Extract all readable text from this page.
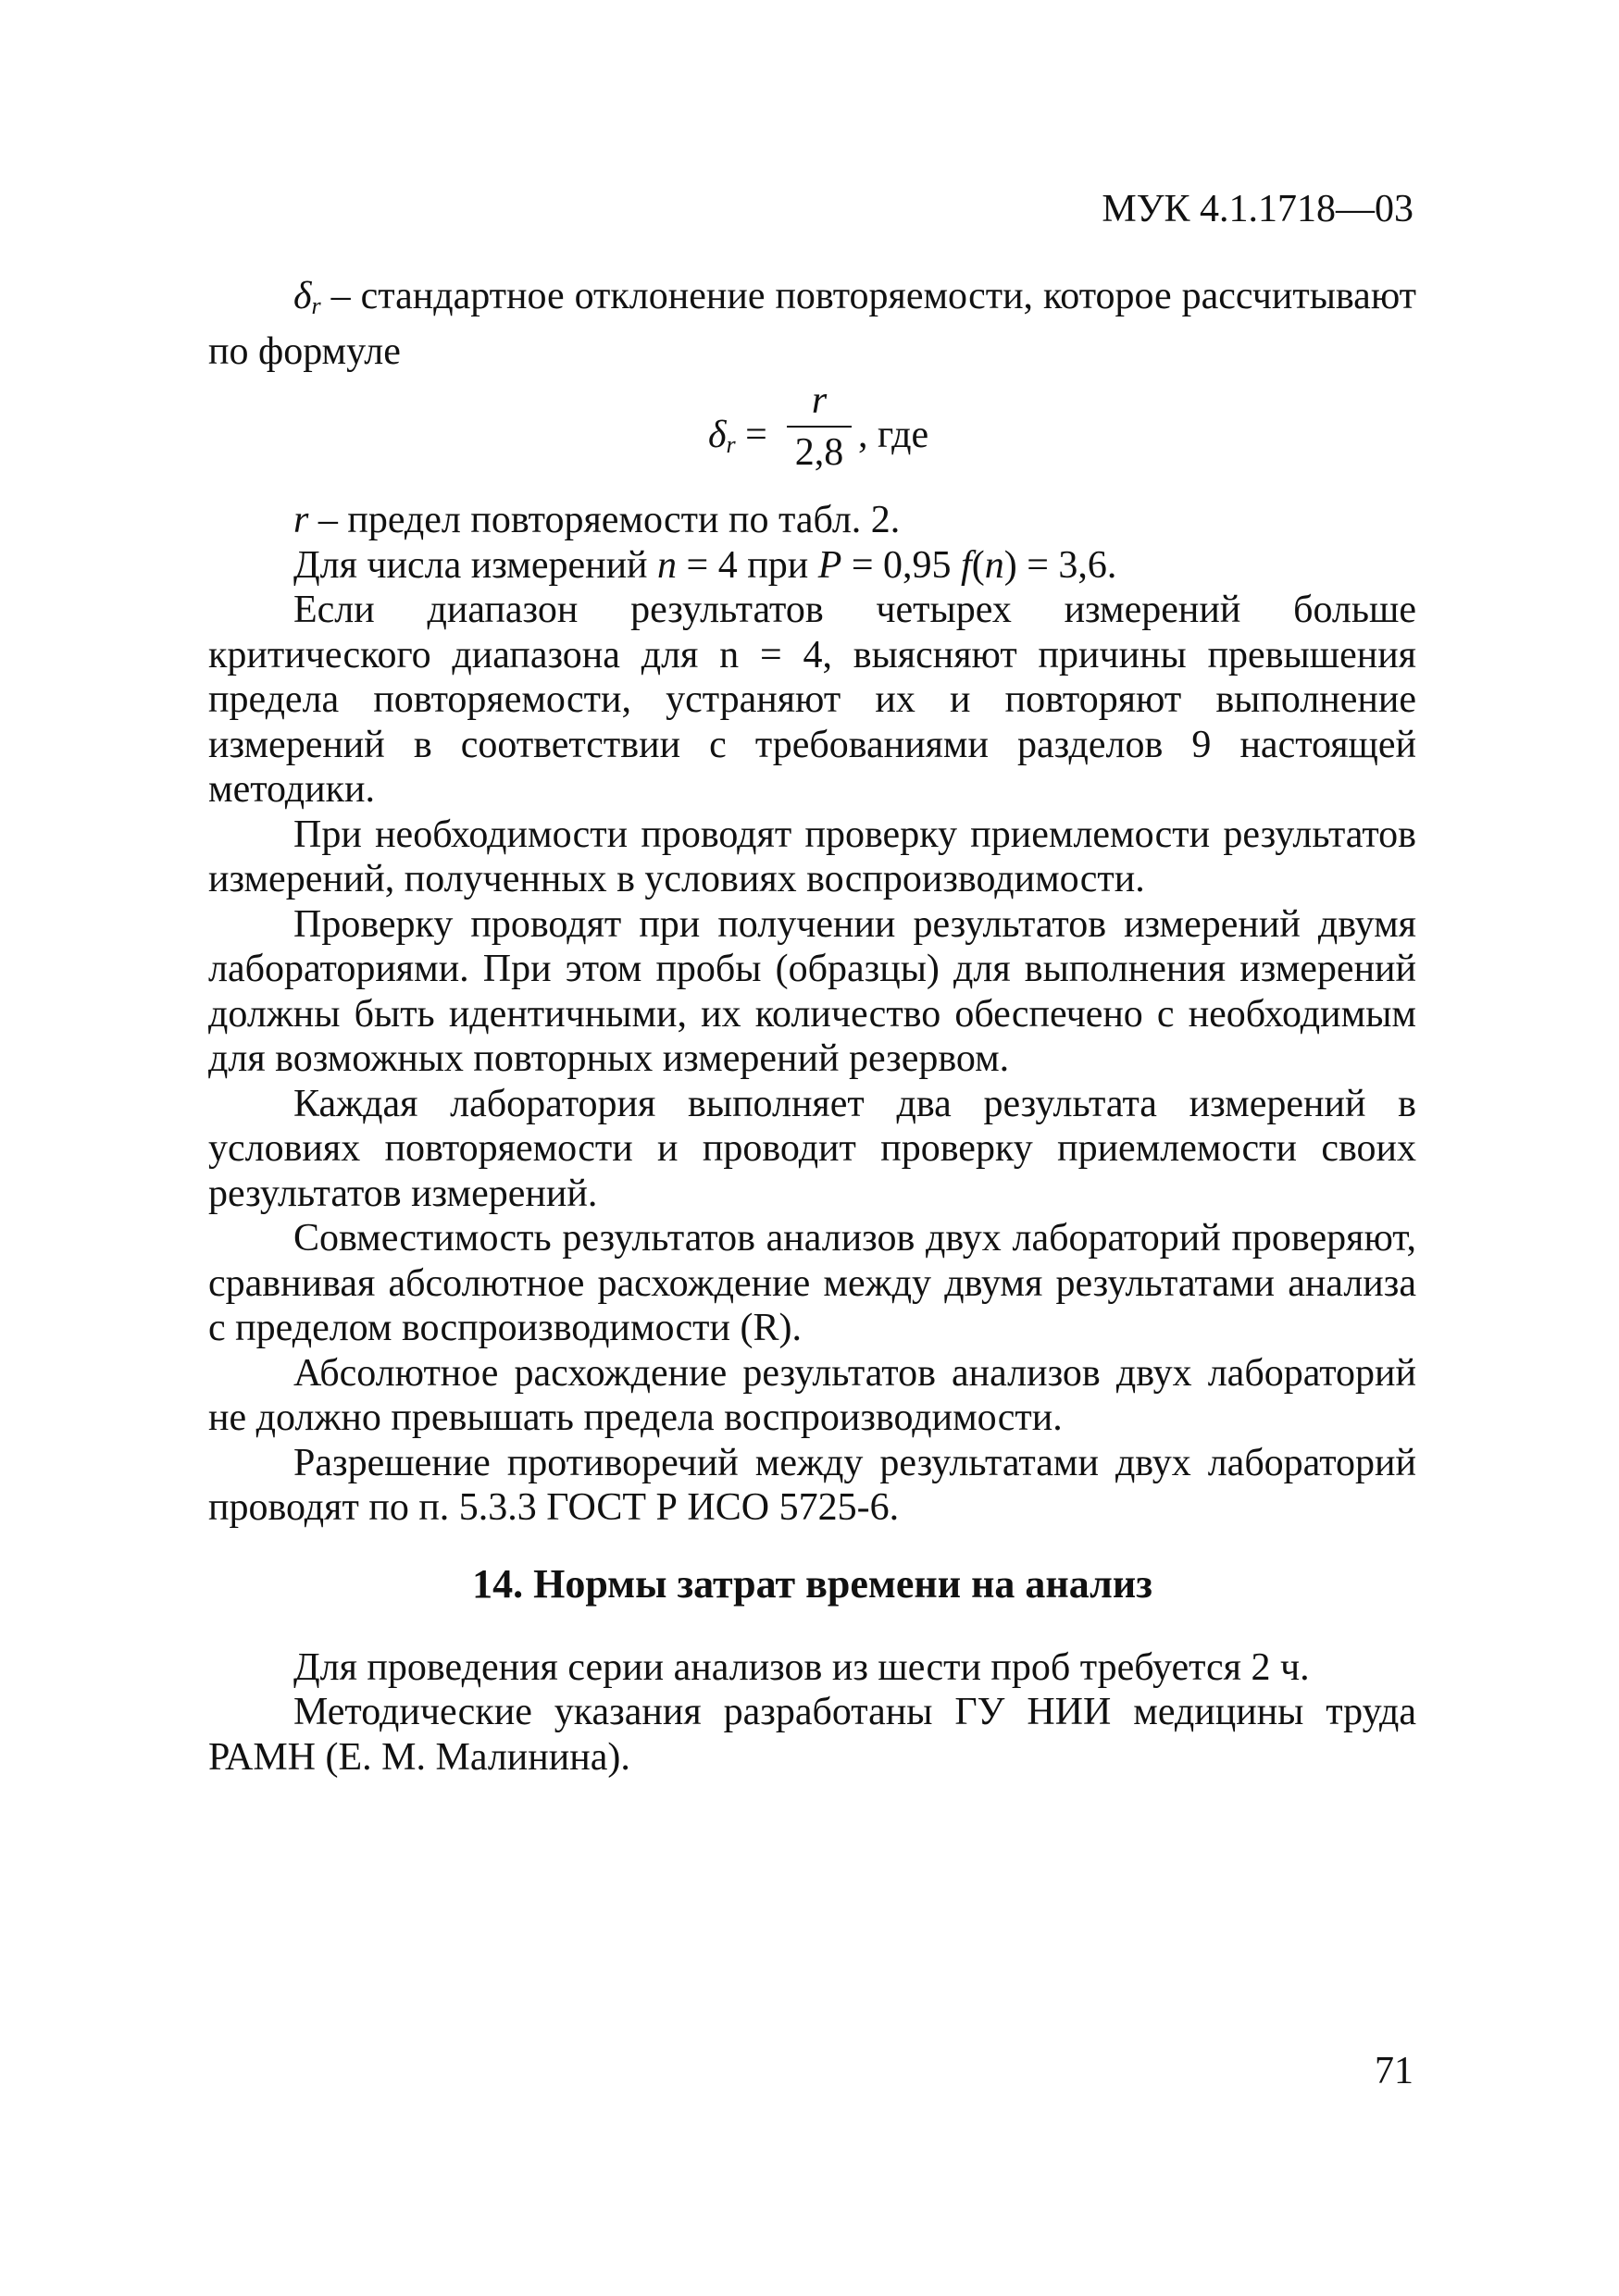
МУК 4.1.1718—03

$\delta_r$ – стандартное отклонение повторяемости, которое рассчитывают по формуле

$\delta_r$ =
r
2,8 , где

r – предел повторяемости по табл. 2.

Для числа измерений n = 4 при P = 0,95 f(n) = 3,6.

Если диапазон результатов четырех измерений больше критического диапазона для n = 4, выясняют причины превышения предела повторяемости, устраняют их и повторяют выполнение измерений в соответствии с требованиями разделов 9 настоящей методики.

При необходимости проводят проверку приемлемости результатов измерений, полученных в условиях воспроизводимости.

Проверку проводят при получении результатов измерений двумя лабораториями. При этом пробы (образцы) для выполнения измерений должны быть идентичными, их количество обеспечено с необходимым для возможных повторных измерений резервом.

Каждая лаборатория выполняет два результата измерений в условиях повторяемости и проводит проверку приемлемости своих результатов измерений.

Совместимость результатов анализов двух лабораторий проверяют, сравнивая абсолютное расхождение между двумя результатами анализа с пределом воспроизводимости (R).

Абсолютное расхождение результатов анализов двух лабораторий не должно превышать предела воспроизводимости.

Разрешение противоречий между результатами двух лабораторий проводят по п. 5.3.3 ГОСТ Р ИСО 5725-6.

14. Нормы затрат времени на анализ

Для проведения серии анализов из шести проб требуется 2 ч.

Методические указания разработаны ГУ НИИ медицины труда РАМН (Е. М. Малинина).

71
